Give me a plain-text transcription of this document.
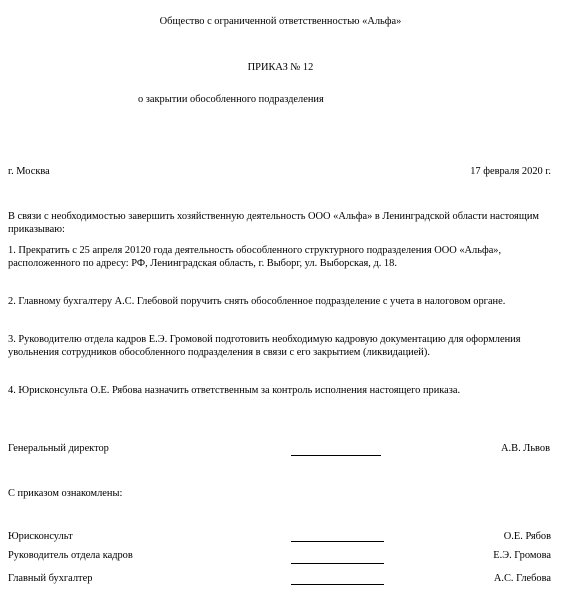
Общество с ограниченной ответственностью «Альфа»
ПРИКАЗ № 12
о закрытии обособленного подразделения
г. Москва	17 февраля 2020 г.
В связи с необходимостью завершить хозяйственную деятельность ООО «Альфа» в Ленинградской области настоящим приказываю:
1. Прекратить с 25 апреля 20120 года деятельность обособленного структурного подразделения ООО «Альфа», расположенного по адресу: РФ, Ленинградская область, г. Выборг, ул. Выборская, д. 18.
2. Главному бухгалтеру А.С. Глебовой поручить снять обособленное подразделение с учета в налоговом органе.
3. Руководителю отдела кадров Е.Э. Громовой подготовить необходимую кадровую документацию для оформления увольнения сотрудников обособленного подразделения в связи с его закрытием (ликвидацией).
4. Юрисконсульта О.Е. Рябова назначить ответственным за контроль исполнения настоящего приказа.
Генеральный директор	А.В. Львов
С приказом ознакомлены:
Юрисконсульт	О.Е. Рябов
Руководитель отдела кадров	Е.Э. Громова
Главный бухгалтер	А.С. Глебова
